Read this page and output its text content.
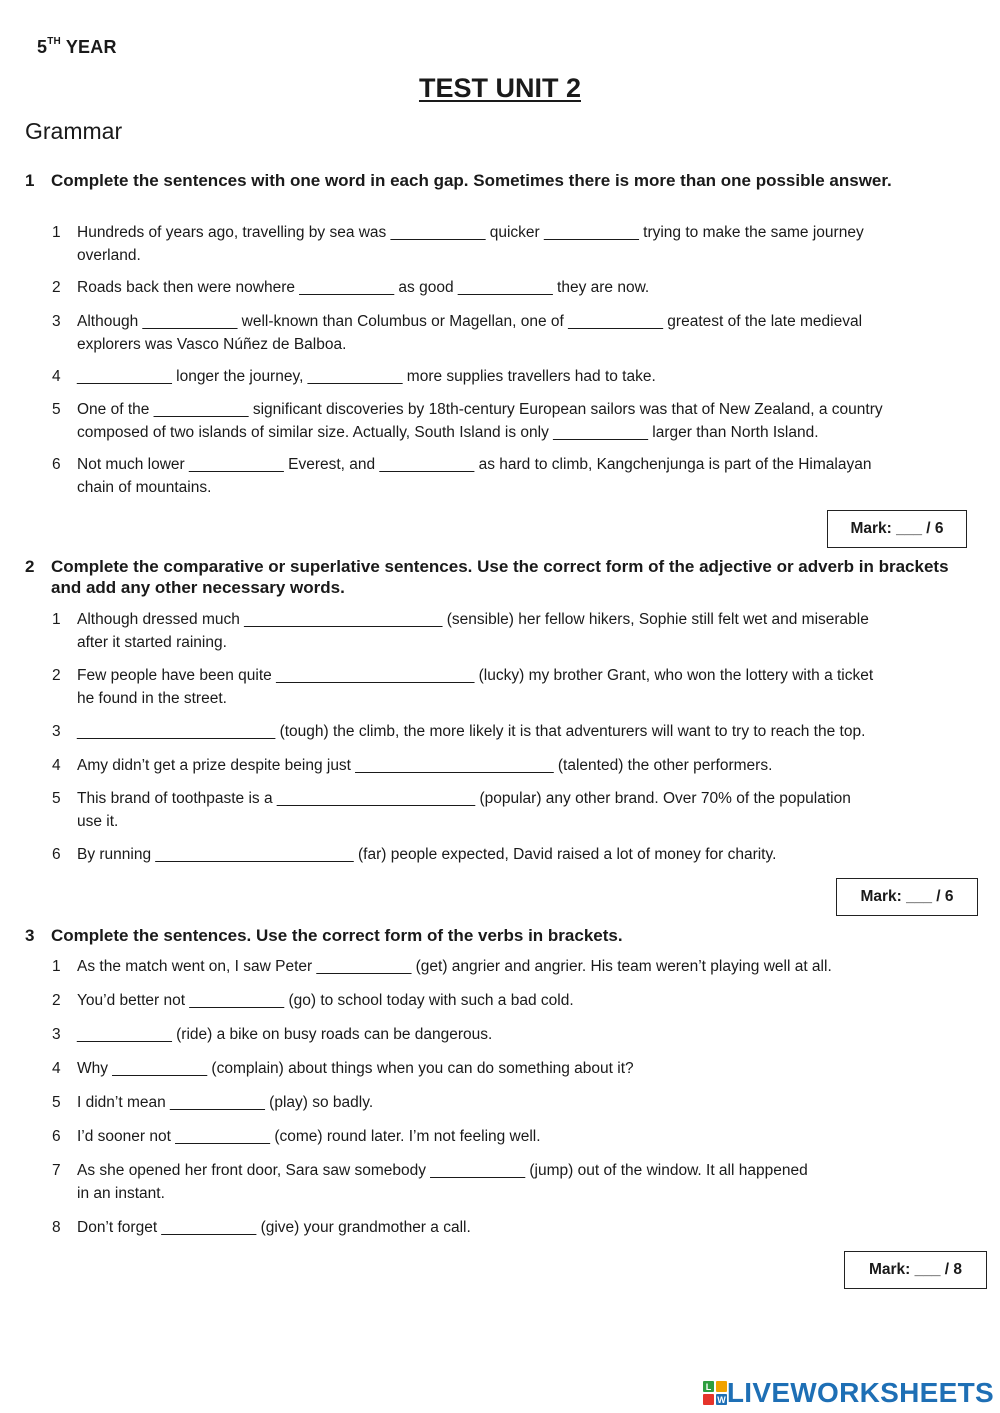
5TH YEAR
TEST UNIT 2
Grammar
1 Complete the sentences with one word in each gap. Sometimes there is more than one possible answer.
1 Hundreds of years ago, travelling by sea was ___________ quicker ___________ trying to make the same journey
overland.
2 Roads back then were nowhere ___________ as good ___________ they are now.
3 Although ___________ well-known than Columbus or Magellan, one of ___________ greatest of the late medieval
explorers was Vasco Núñez de Balboa.
4 ___________ longer the journey, ___________ more supplies travellers had to take.
5 One of the ___________ significant discoveries by 18th-century European sailors was that of New Zealand, a country
composed of two islands of similar size. Actually, South Island is only ___________ larger than North Island.
6 Not much lower ___________ Everest, and ___________ as hard to climb, Kangchenjunga is part of the Himalayan
chain of mountains.
Mark: ___ / 6
2 Complete the comparative or superlative sentences. Use the correct form of the adjective or adverb in brackets and add any other necessary words.
1 Although dressed much _______________________ (sensible) her fellow hikers, Sophie still felt wet and miserable
after it started raining.
2 Few people have been quite _______________________ (lucky) my brother Grant, who won the lottery with a ticket
he found in the street.
3 _______________________ (tough) the climb, the more likely it is that adventurers will want to try to reach the top.
4 Amy didn’t get a prize despite being just _______________________ (talented) the other performers.
5 This brand of toothpaste is a _______________________ (popular) any other brand. Over 70% of the population
use it.
6 By running _______________________ (far) people expected, David raised a lot of money for charity.
Mark: ___ / 6
3 Complete the sentences. Use the correct form of the verbs in brackets.
1 As the match went on, I saw Peter ___________ (get) angrier and angrier. His team weren’t playing well at all.
2 You’d better not ___________ (go) to school today with such a bad cold.
3 ___________ (ride) a bike on busy roads can be dangerous.
4 Why ___________ (complain) about things when you can do something about it?
5 I didn’t mean ___________ (play) so badly.
6 I’d sooner not ___________ (come) round later. I’m not feeling well.
7 As she opened her front door, Sara saw somebody ___________ (jump) out of the window. It all happened
in an instant.
8 Don’t forget ___________ (give) your grandmother a call.
Mark: ___ / 8
L
W LIVEWORKSHEETS
